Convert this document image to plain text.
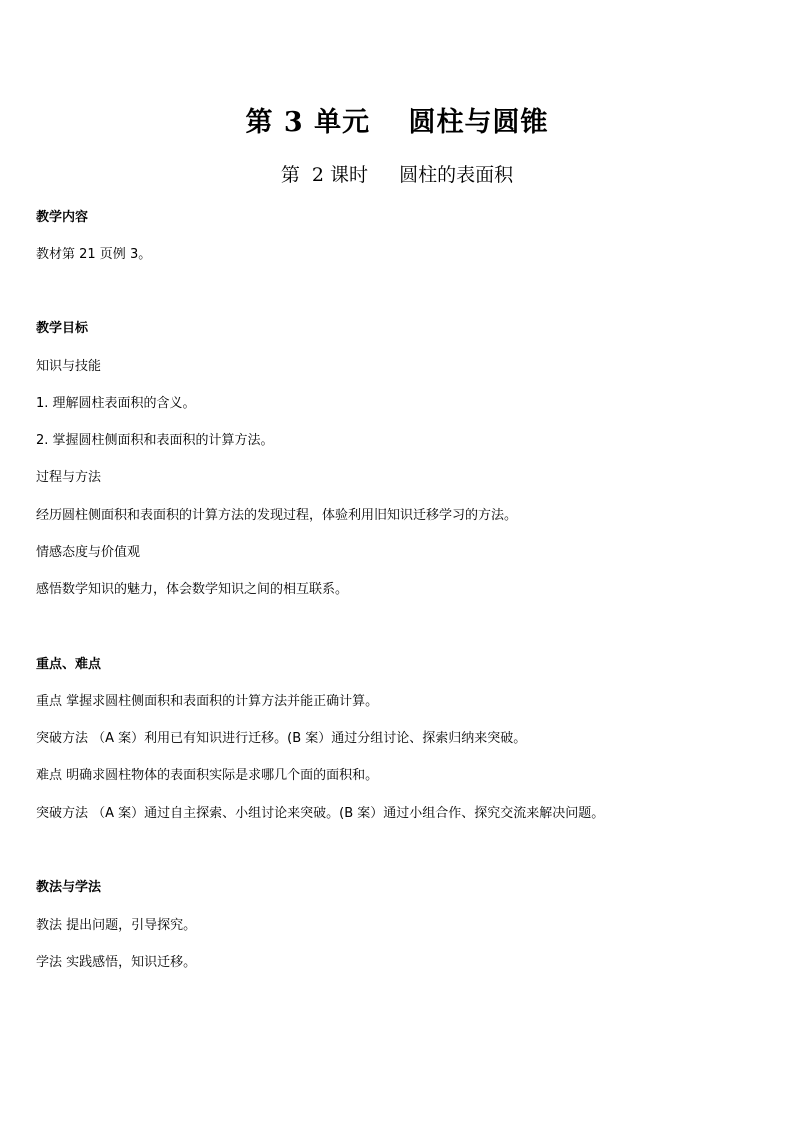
第 3 单元　 圆柱与圆锥
第  2 课时　  圆柱的表面积
教学内容
教材第 21 页例 3。
教学目标
知识与技能
1. 理解圆柱表面积的含义。
2. 掌握圆柱侧面积和表面积的计算方法。
过程与方法
经历圆柱侧面积和表面积的计算方法的发现过程，体验利用旧知识迁移学习的方法。
情感态度与价值观
感悟数学知识的魅力，体会数学知识之间的相互联系。
重点、难点
重点 掌握求圆柱侧面积和表面积的计算方法并能正确计算。
突破方法 （A 案）利用已有知识进行迁移。(B 案）通过分组讨论、探索归纳来突破。
难点 明确求圆柱物体的表面积实际是求哪几个面的面积和。
突破方法 （A 案）通过自主探索、小组讨论来突破。(B 案）通过小组合作、探究交流来解决问题。
教法与学法
教法 提出问题，引导探究。
学法 实践感悟，知识迁移。
